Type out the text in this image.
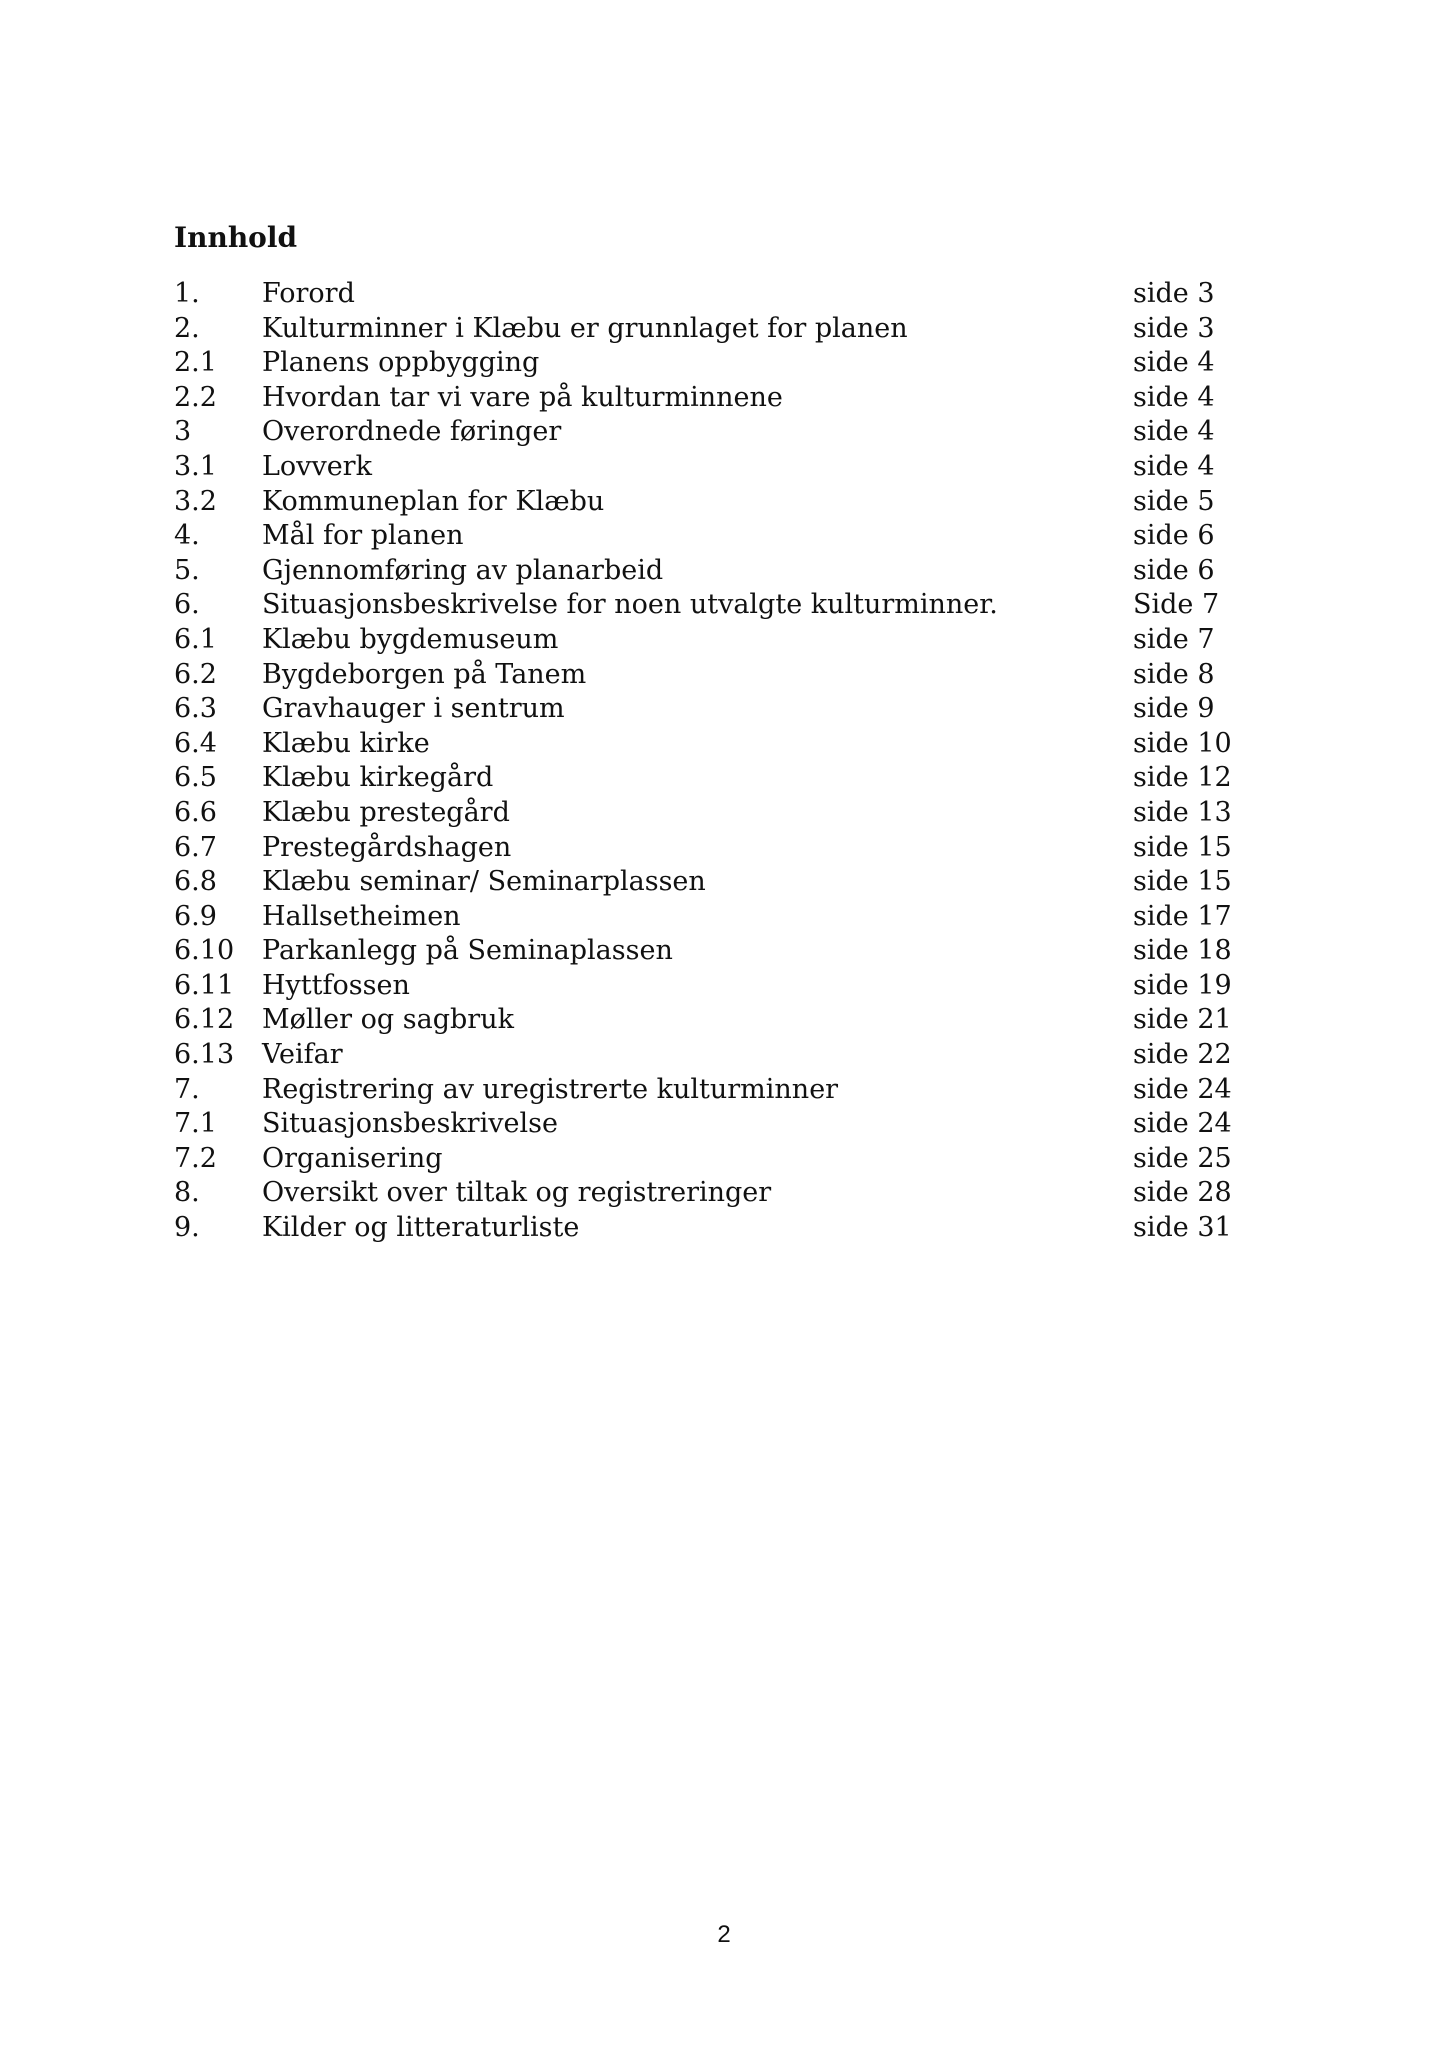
Innhold
1. Forord	side 3
2. Kulturminner i Klæbu er grunnlaget for planen	side 3
2.1 Planens oppbygging	side 4
2.2 Hvordan tar vi vare på kulturminnene	side 4
3	Overordnede føringer	side 4
3.1 Lovverk	side 4
3.2 Kommuneplan for Klæbu	side 5
4. Mål for planen	side 6
5. Gjennomføring av planarbeid	side 6
6. Situasjonsbeskrivelse for noen utvalgte kulturminner.	Side 7
6.1 Klæbu bygdemuseum	side 7
6.2 Bygdeborgen på Tanem	side 8
6.3 Gravhauger i sentrum	side 9
6.4 Klæbu kirke	side 10
6.5 Klæbu kirkegård	side 12
6.6 Klæbu prestegård	side 13
6.7 Prestegårdshagen	side 15
6.8 Klæbu seminar/ Seminarplassen	side 15
6.9 Hallsetheimen	side 17
6.10 Parkanlegg på Seminaplassen	side 18
6.11 Hyttfossen	side 19
6.12 Møller og sagbruk	side 21
6.13 Veifar	side 22
7. Registrering av uregistrerte kulturminner	side 24
7.1 Situasjonsbeskrivelse	side 24
7.2 Organisering	side 25
8. Oversikt over tiltak og registreringer	side 28
9. Kilder og litteraturliste	side 31
2
